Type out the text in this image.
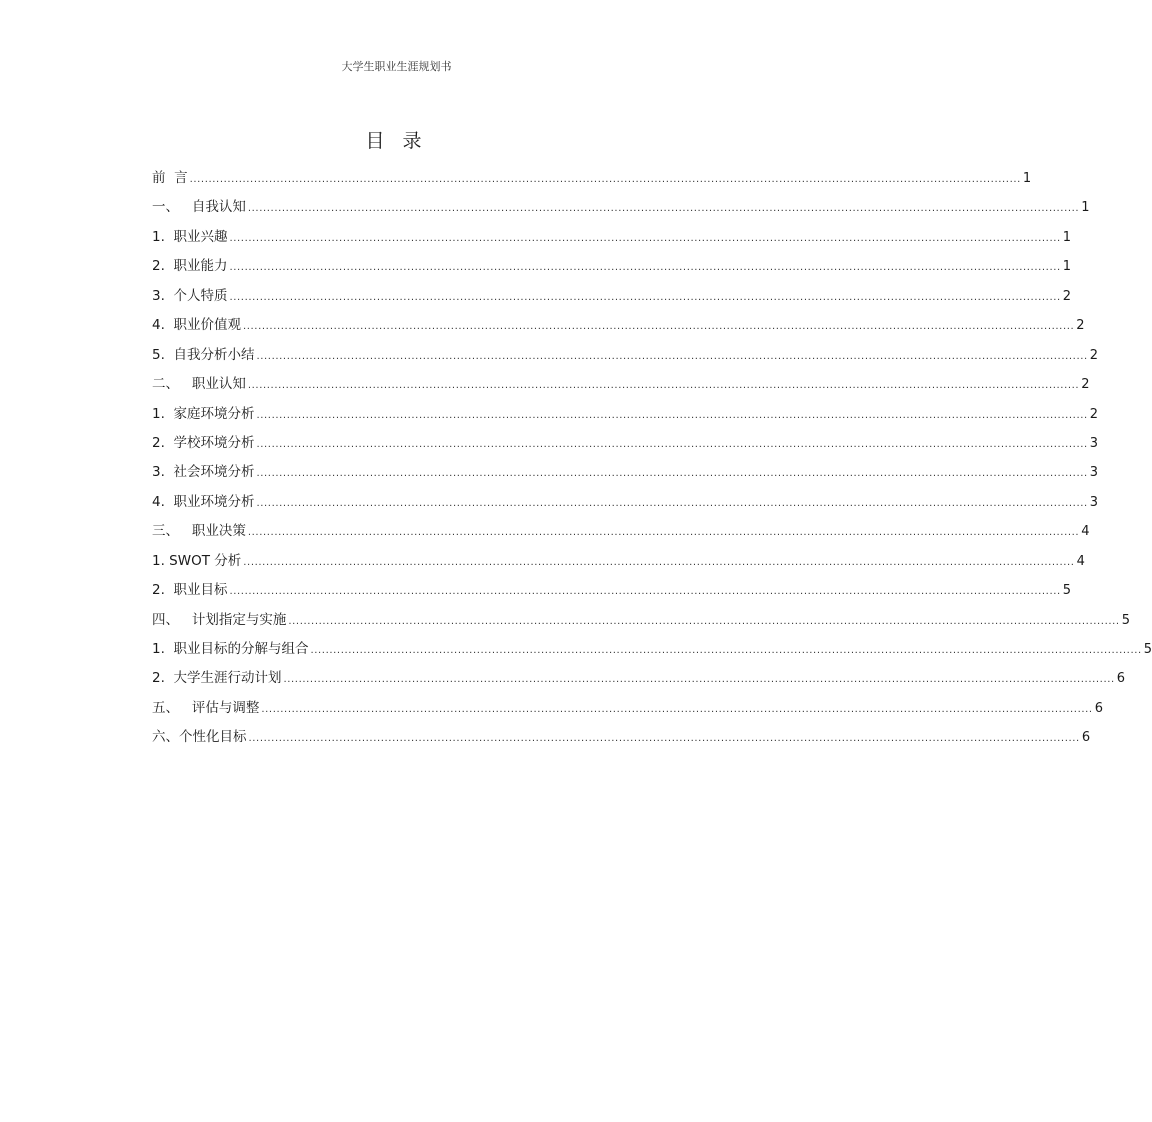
大学生职业生涯规划书
目 录
前  言 ............................................................................................................................................................................................................................ 1
一、   自我认知 ............................................................................................................................................................................................................................ 1
1.  职业兴趣 ............................................................................................................................................................................................................................ 1
2.  职业能力 ............................................................................................................................................................................................................................ 1
3.  个人特质 ............................................................................................................................................................................................................................ 2
4.  职业价值观 ............................................................................................................................................................................................................................ 2
5.  自我分析小结 ............................................................................................................................................................................................................................ 2
二、   职业认知 ............................................................................................................................................................................................................................ 2
1.  家庭环境分析 ............................................................................................................................................................................................................................ 2
2.  学校环境分析 ............................................................................................................................................................................................................................ 3
3.  社会环境分析 ............................................................................................................................................................................................................................ 3
4.  职业环境分析 ............................................................................................................................................................................................................................ 3
三、   职业决策 ............................................................................................................................................................................................................................ 4
1. SWOT 分析 ............................................................................................................................................................................................................................ 4
2.  职业目标 ............................................................................................................................................................................................................................ 5
四、   计划指定与实施 ............................................................................................................................................................................................................................ 5
1.  职业目标的分解与组合 ............................................................................................................................................................................................................................ 5
2.  大学生涯行动计划 ............................................................................................................................................................................................................................ 6
五、   评估与调整 ............................................................................................................................................................................................................................ 6
六、个性化目标 ............................................................................................................................................................................................................................ 6
